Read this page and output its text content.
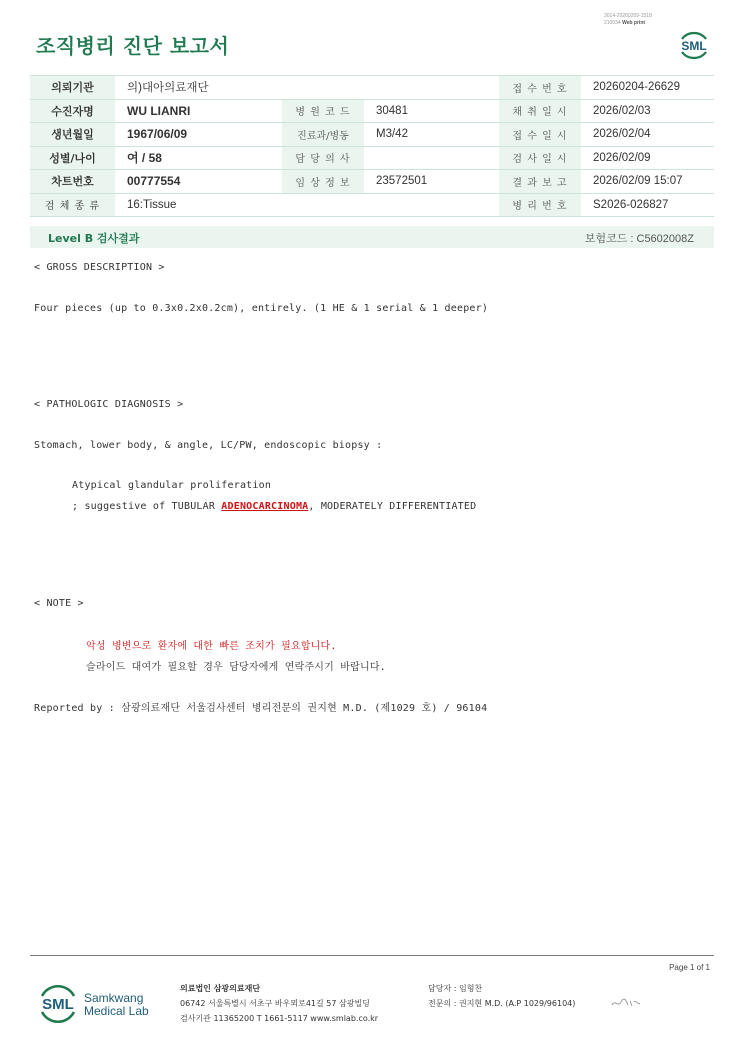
3014-20260209-1518
210034 Web print
조직병리 진단 보고서	SML
의뢰기관	의)대아의료재단			접 수 번 호	20260204-26629
수진자명	WU LIANRI	병 원 코 드	30481	채 취 일 시	2026/02/03
생년월일	1967/06/09	진료과/병동	M3/42	접 수 일 시	2026/02/04
성별/나이	여 / 58	담 당 의 사		검 사 일 시	2026/02/09
차트번호	00777554	임 상 정 보	23572501	결 과 보 고	2026/02/09 15:07
검 체 종 류	16:Tissue			병 리 번 호	S2026-026827
Level B 검사결과	보험코드 : C5602008Z
< GROSS DESCRIPTION >
Four pieces (up to 0.3x0.2x0.2cm), entirely. (1 HE & 1 serial & 1 deeper)
< PATHOLOGIC DIAGNOSIS >
Stomach, lower body, & angle, LC/PW, endoscopic biopsy :
Atypical glandular proliferation
; suggestive of TUBULAR ADENOCARCINOMA, MODERATELY DIFFERENTIATED
< NOTE >
악성 병변으로 환자에 대한 빠른 조치가 필요합니다.
슬라이드 대여가 필요할 경우 담당자에게 연락주시기 바랍니다.
Reported by : 삼광의료재단 서울검사센터 병리전문의 권지현 M.D. (제1029 호) / 96104
Page 1 of 1
SML Samkwang
Medical Lab
의료법인 삼광의료재단
06742 서울특별시 서초구 바우뫼로41길 57 삼광빌딩
검사기관 11365200 T 1661-5117 www.smlab.co.kr
담당자 : 임형찬
전문의 : 권지현 M.D. (A.P 1029/96104)
